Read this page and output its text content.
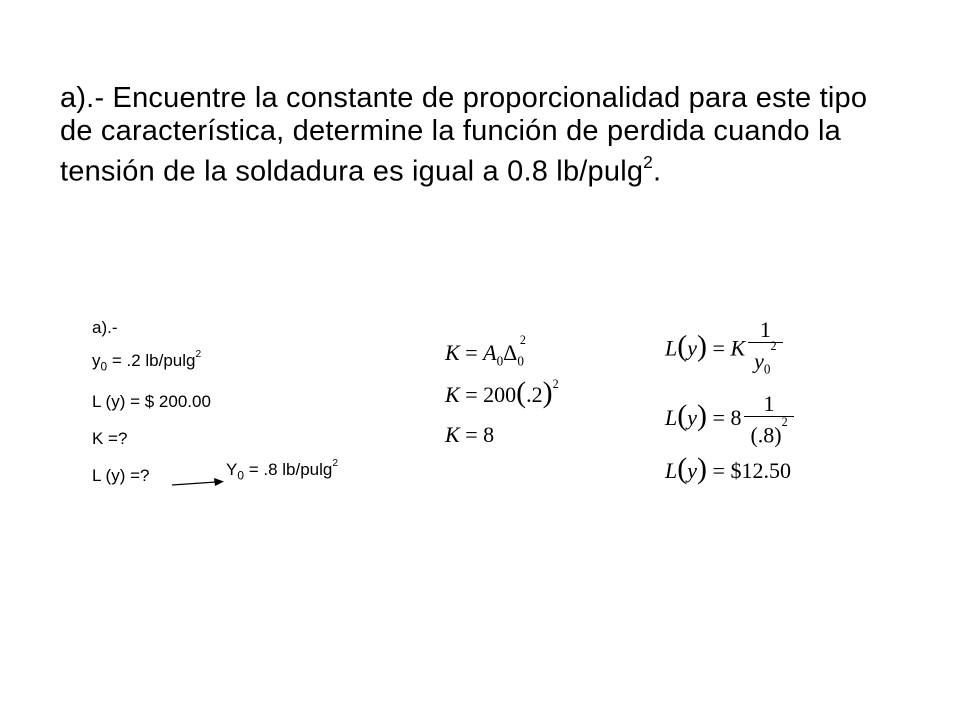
a).- Encuentre la constante de proporcionalidad para este tipo de característica, determine la función de perdida cuando la tensión de la soldadura es igual a 0.8 lb/pulg$^2$.
a).-
$y_0 = .2$ lb/pulg$^2$
L (y) = $ 200.00
K =?
L (y) =?	$Y_0 = .8$ lb/pulg$^2$
$K = A_0\Delta_0^2$
$K = 200(.2)^2$
K = 8
L(y) = K $\frac{1}{y_0^2}$
$L(y) = 8 \frac{1}{(.8)^2}$
L(y) = $12.50
